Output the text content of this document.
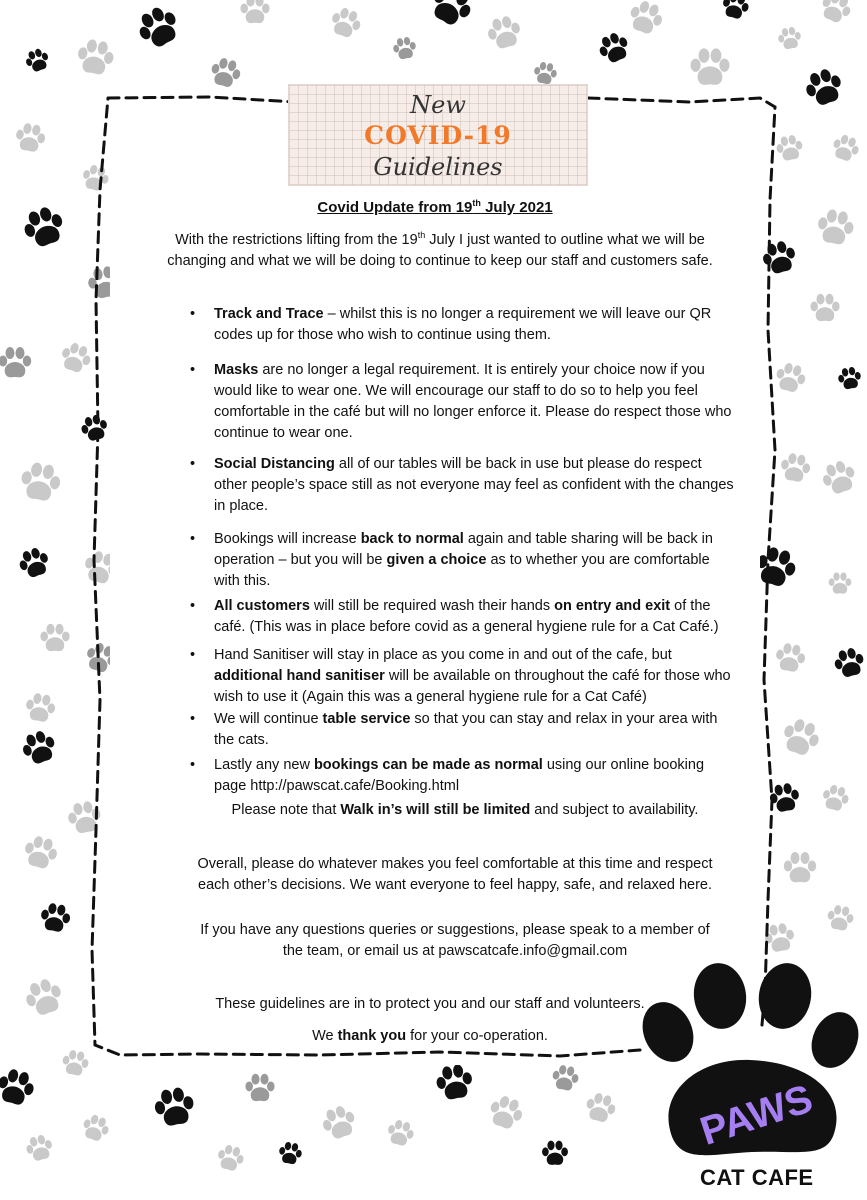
New
COVID-19
Guidelines
Covid Update from 19th July 2021
With the restrictions lifting from the 19th July I just wanted to outline what we will be changing and what we will be doing to continue to keep our staff and customers safe.
• Track and Trace – whilst this is no longer a requirement we will leave our QR codes up for those who wish to continue using them.
• Masks are no longer a legal requirement. It is entirely your choice now if you would like to wear one. We will encourage our staff to do so to help you feel comfortable in the café but will no longer enforce it. Please do respect those who continue to wear one.
• Social Distancing all of our tables will be back in use but please do respect other people’s space still as not everyone may feel as confident with the changes in place.
• Bookings will increase back to normal again and table sharing will be back in operation – but you will be given a choice as to whether you are comfortable with this.
• All customers will still be required wash their hands on entry and exit of the café. (This was in place before covid as a general hygiene rule for a Cat Café.)
• Hand Sanitiser will stay in place as you come in and out of the cafe, but additional hand sanitiser will be available on throughout the café for those who wish to use it (Again this was a general hygiene rule for a Cat Café)
• We will continue table service so that you can stay and relax in your area with the cats.
• Lastly any new bookings can be made as normal using our online booking page http://pawscat.cafe/Booking.html
Please note that Walk in’s will still be limited and subject to availability.
Overall, please do whatever makes you feel comfortable at this time and respect each other’s decisions. We want everyone to feel happy, safe, and relaxed here.
If you have any questions queries or suggestions, please speak to a member of the team, or email us at pawscatcafe.info@gmail.com
These guidelines are in to protect you and our staff and volunteers.
We thank you for your co-operation.
PAWS
CAT CAFE
